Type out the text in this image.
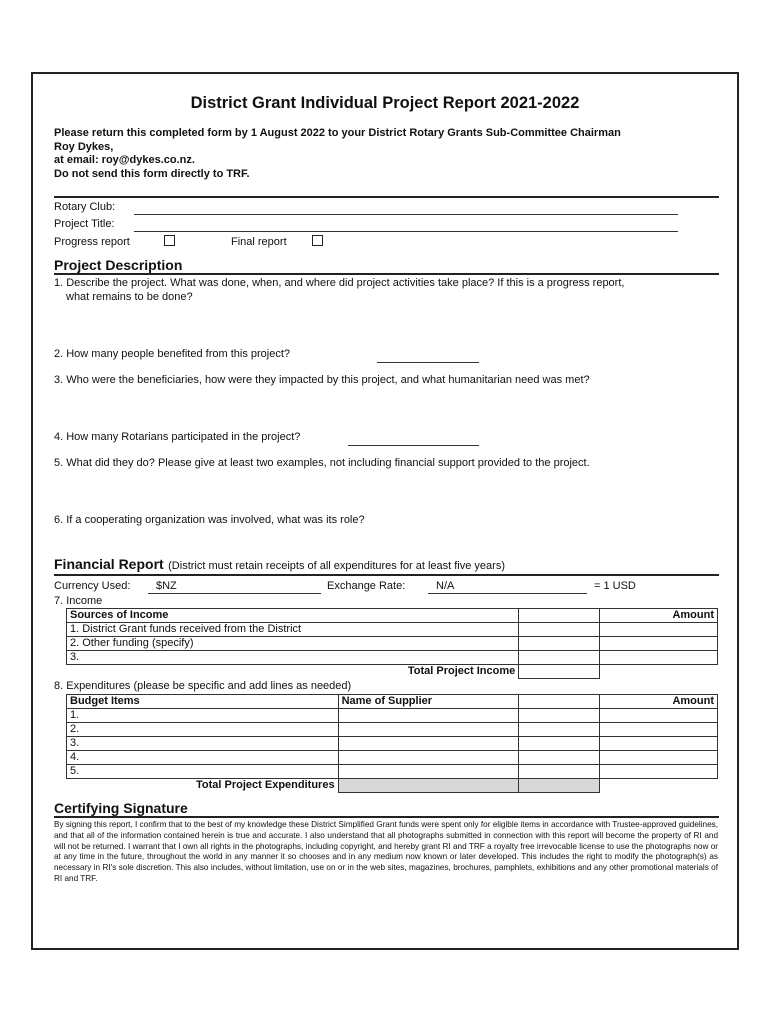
District Grant Individual Project Report 2021-2022
Please return this completed form by 1 August 2022 to your District Rotary Grants Sub-Committee Chairman
Roy Dykes,
at email: roy@dykes.co.nz.
Do not send this form directly to TRF.
Rotary Club:
Project Title:
Progress report	Final report
Project Description
1. Describe the project. What was done, when, and where did project activities take place? If this is a progress report,
what remains to be done?
2. How many people benefited from this project?
3. Who were the beneficiaries, how were they impacted by this project, and what humanitarian need was met?
4. How many Rotarians participated in the project?
5. What did they do? Please give at least two examples, not including financial support provided to the project.
6. If a cooperating organization was involved, what was its role?
Financial Report (District must retain receipts of all expenditures for at least five years)
Currency Used: $NZ	Exchange Rate:	N/A	= 1 USD
7. Income
Sources of Income		Amount
1. District Grant funds received from the District		
2. Other funding (specify)		
3.		
Total Project Income		
8. Expenditures (please be specific and add lines as needed)
Budget Items	Name of Supplier		Amount
1.			
2.			
3.			
4.			
5.			
Total Project Expenditures			
Certifying Signature
By signing this report, I confirm that to the best of my knowledge these District Simplified Grant funds were spent only for eligible items in accordance with Trustee-approved guidelines, and that all of the information contained herein is true and accurate. I also understand that all photographs submitted in connection with this report will become the property of RI and will not be returned. I warrant that I own all rights in the photographs, including copyright, and hereby grant RI and TRF a royalty free irrevocable license to use the photographs now or at any time in the future, throughout the world in any manner it so chooses and in any medium now known or later developed. This includes the right to modify the photograph(s) as necessary in RI's sole discretion. This also includes, without limitation, use on or in the web sites, magazines, brochures, pamphlets, exhibitions and any other promotional materials of RI and TRF.
